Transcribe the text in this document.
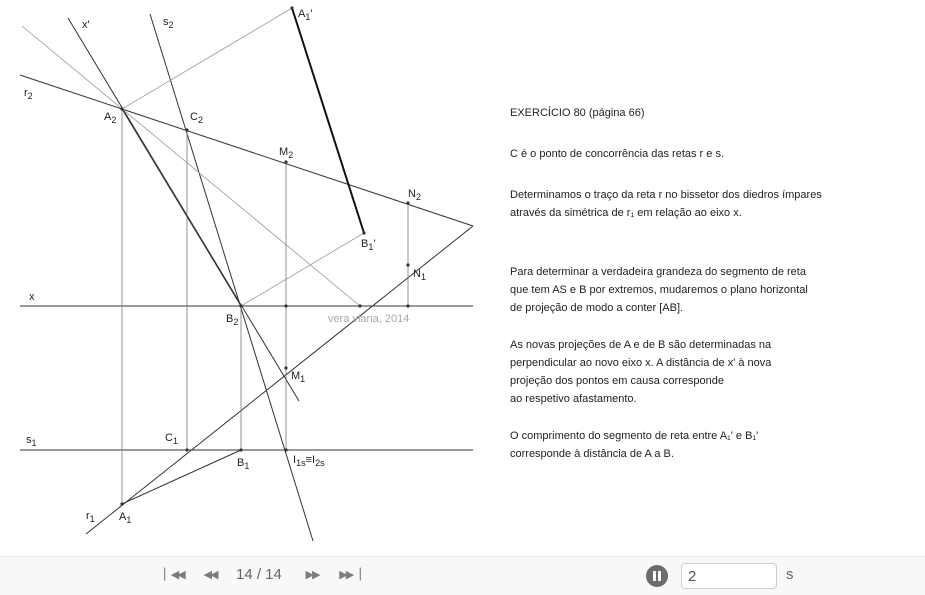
x'	$s_2$
$A_1'$
$r_2$
$A_2$	$C_2$
$M_2$
$N_2$
$B_1'$
$N_1$
x
$B_2$
$M_1$
$s_1$	$C_1$
$B_1$	$I_{1s}\equiv I_{2s}$
$r_1$ $A_1$
vera viana, 2014

EXERCÍCIO 80 (página 66)

C é o ponto de concorrência das retas r e s.

Determinamos o traço da reta r no bissetor dos diedros ímpares

através da simétrica de r₁ em relação ao eixo x.

Para determinar a verdadeira grandeza do segmento de reta

que tem AS e B por extremos, mudaremos o plano horizontal

de projeção de modo a conter [AB].

As novas projeções de A e de B são determinadas na

perpendicular ao novo eixo x. A distância de x' à nova

projeção dos pontos em causa corresponde

ao respetivo afastamento.

O comprimento do segmento de reta entre A₁' e B₁'

corresponde à distância de A a B.

▏◀◀	◀◀	14 / 14	▶▶	▶▶▕
2	s
